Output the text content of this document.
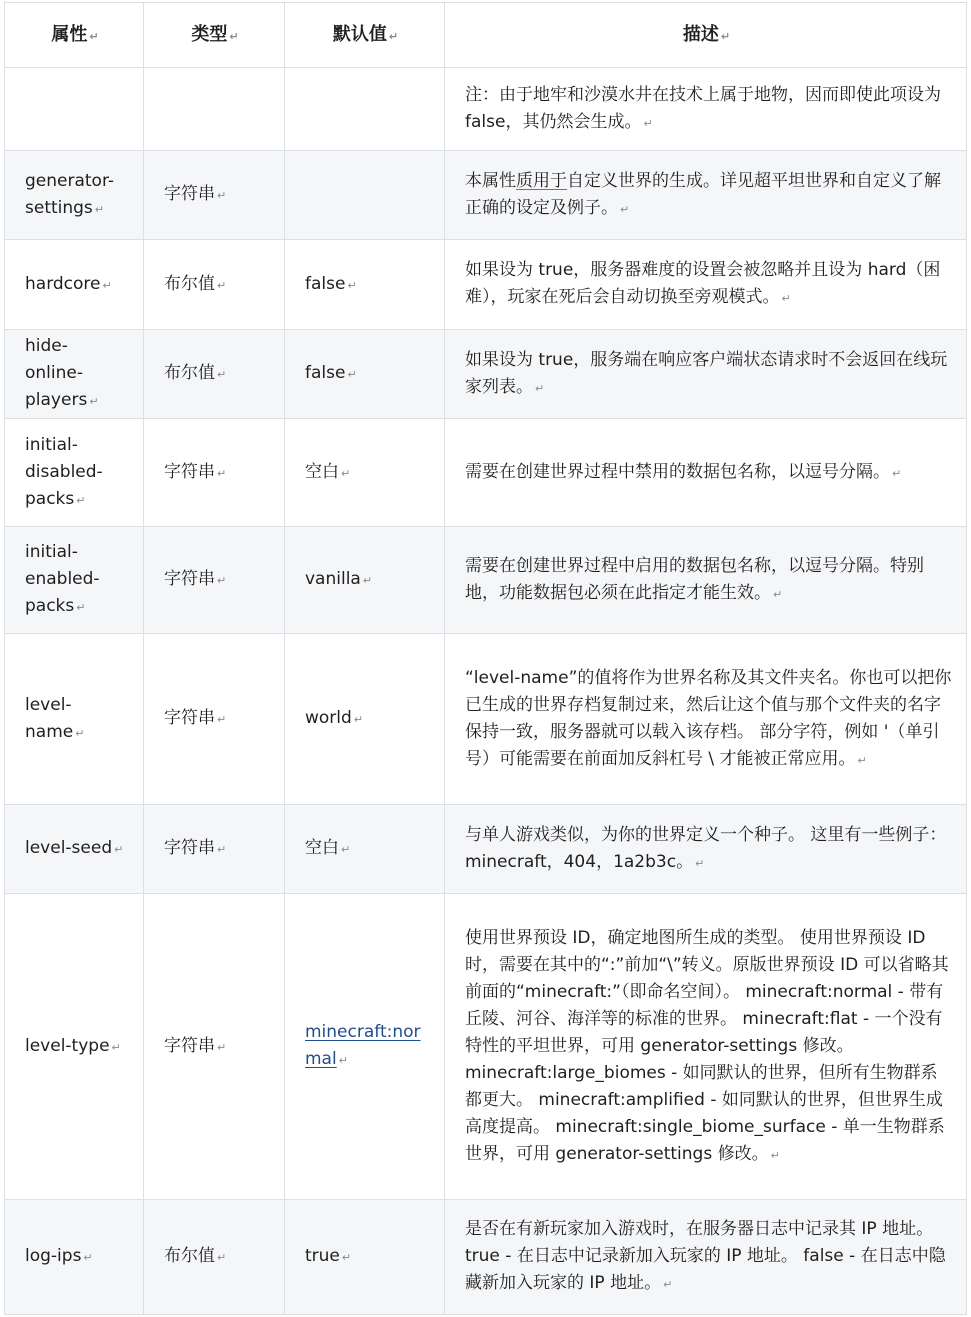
属性 ↵	类型 ↵	默认值 ↵	描述 ↵
			注：由于地牢和沙漠水井在技术上属于地物，因而即使此项设为 false，其仍然会生成。 ↵
generator-settings ↵	字符串 ↵		本属性质用于自定义世界的生成。详见超平坦世界和自定义了解正确的设定及例子。 ↵
hardcore ↵	布尔值 ↵	false ↵	如果设为 true，服务器难度的设置会被忽略并且设为 hard（困难），玩家在死后会自动切换至旁观模式。 ↵
hide-online-players ↵	布尔值 ↵	false ↵	如果设为 true，服务端在响应客户端状态请求时不会返回在线玩家列表。 ↵
initial-disabled-packs ↵	字符串 ↵	空白 ↵	需要在创建世界过程中禁用的数据包名称，以逗号分隔。 ↵
initial-enabled-packs ↵	字符串 ↵	vanilla ↵	需要在创建世界过程中启用的数据包名称，以逗号分隔。特别地，功能数据包必须在此指定才能生效。 ↵
level-name ↵	字符串 ↵	world ↵	“level-name”的值将作为世界名称及其文件夹名。你也可以把你已生成的世界存档复制过来，然后让这个值与那个文件夹的名字保持一致，服务器就可以载入该存档。 部分字符，例如 '（单引号）可能需要在前面加反斜杠号 \ 才能被正常应用。 ↵
level-seed ↵	字符串 ↵	空白 ↵	与单人游戏类似，为你的世界定义一个种子。 这里有一些例子：minecraft，404，1a2b3c。 ↵
level-type ↵	字符串 ↵	minecraft:normal ↵	使用世界预设 ID，确定地图所生成的类型。 使用世界预设 ID 时，需要在其中的“:”前加“\”转义。原版世界预设 ID 可以省略其前面的“minecraft:”（即命名空间）。 minecraft:normal - 带有丘陵、河谷、海洋等的标准的世界。 minecraft:flat - 一个没有特性的平坦世界，可用 generator-settings 修改。 minecraft:large_biomes - 如同默认的世界，但所有生物群系都更大。 minecraft:amplified - 如同默认的世界，但世界生成高度提高。 minecraft:single_biome_surface - 单一生物群系世界，可用 generator-settings 修改。 ↵
log-ips ↵	布尔值 ↵	true ↵	是否在有新玩家加入游戏时，在服务器日志中记录其 IP 地址。 true - 在日志中记录新加入玩家的 IP 地址。 false - 在日志中隐藏新加入玩家的 IP 地址。 ↵
